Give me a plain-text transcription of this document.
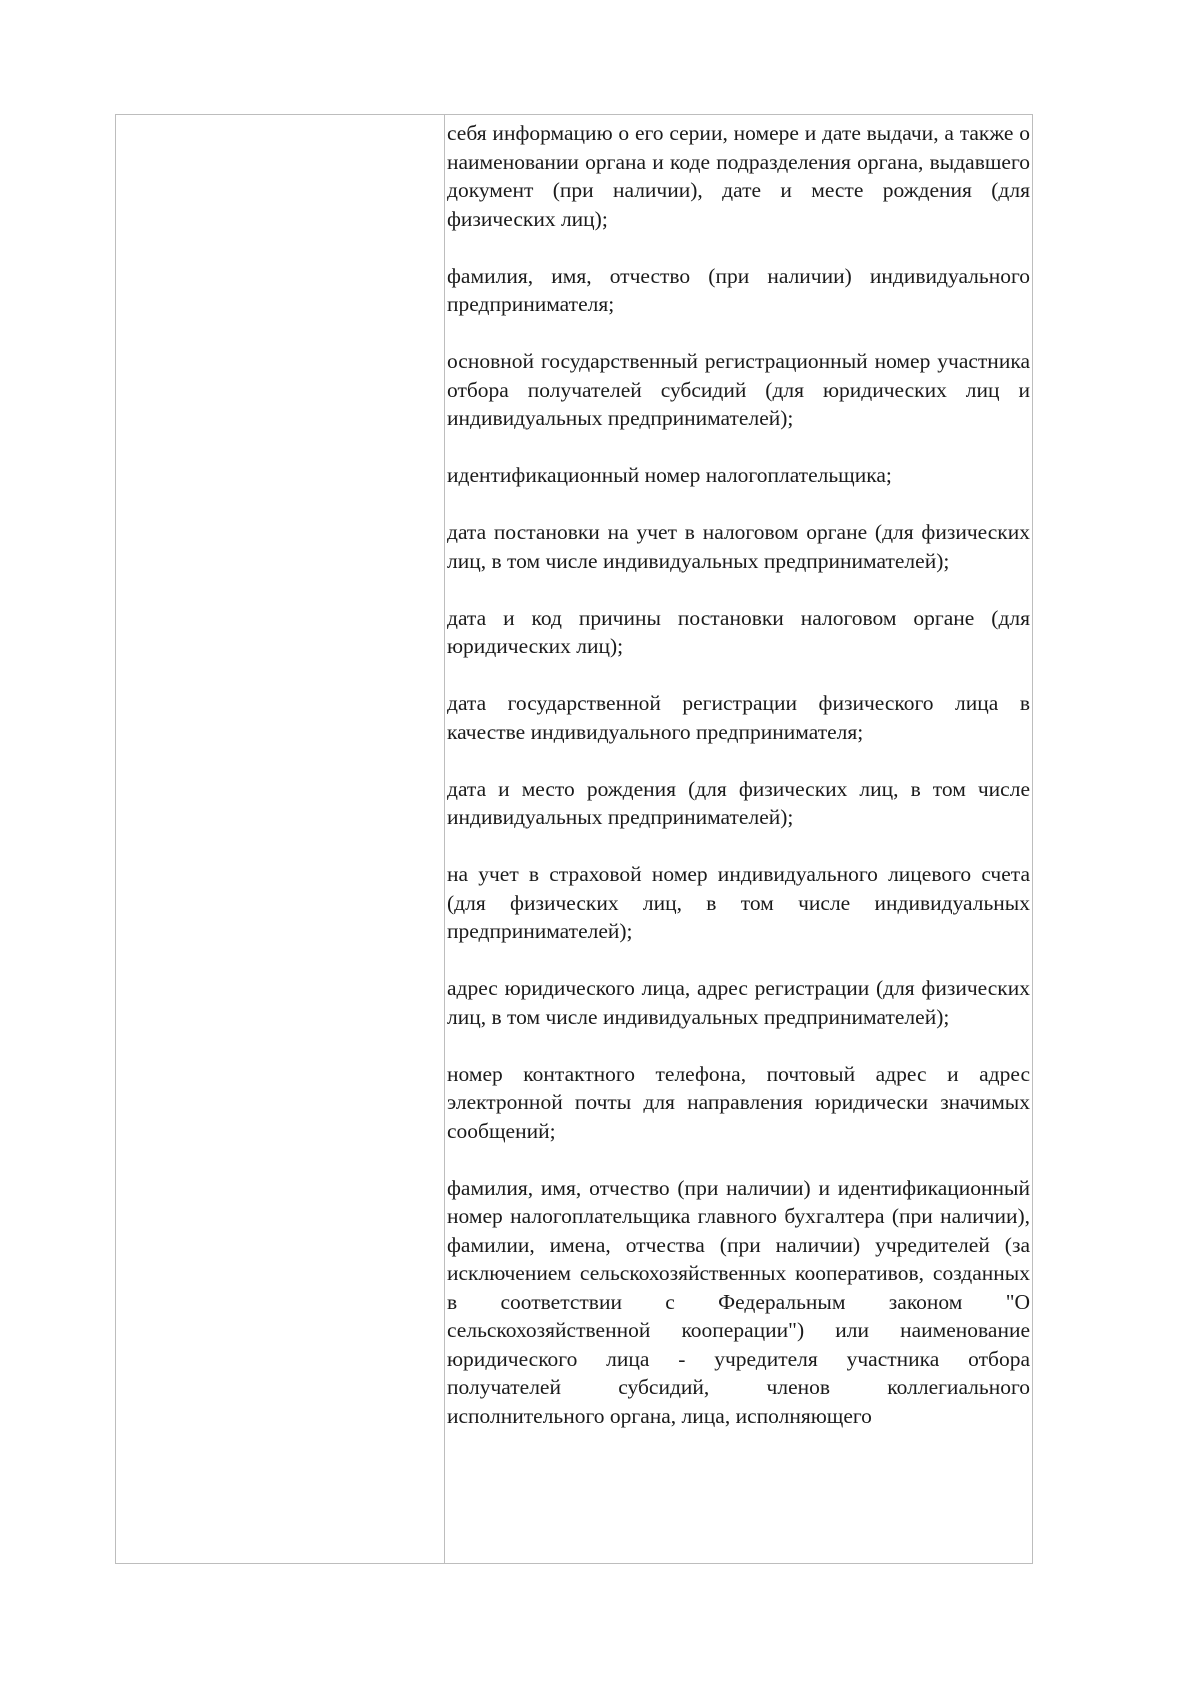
себя информацию о его серии, номере и дате выдачи, а также о наименовании органа и коде подразделения органа, выдавшего документ (при наличии), дате и месте рождения (для физических лиц);

фамилия, имя, отчество (при наличии) индивидуального предпринимателя;

основной государственный регистрационный номер участника отбора получателей субсидий (для юридических лиц и индивидуальных предпринимателей);

идентификационный номер налогоплательщика;

дата постановки на учет в налоговом органе (для физических лиц, в том числе индивидуальных предпринимателей);

дата и код причины постановки налоговом органе (для юридических лиц);

дата государственной регистрации физического лица в качестве индивидуального предпринимателя;

дата и место рождения (для физических лиц, в том числе индивидуальных предпринимателей);

на учет в страховой номер индивидуального лицевого счета (для физических лиц, в том числе индивидуальных предпринимателей);

адрес юридического лица, адрес регистрации (для физических лиц, в том числе индивидуальных предпринимателей);

номер контактного телефона, почтовый адрес и адрес электронной почты для направления юридически значимых сообщений;

фамилия, имя, отчество (при наличии) и идентификационный номер налогоплательщика главного бухгалтера (при наличии), фамилии, имена, отчества (при наличии) учредителей (за исключением сельскохозяйственных кооперативов, созданных в соответствии с Федеральным законом "О сельскохозяйственной кооперации") или наименование юридического лица - учредителя участника отбора получателей субсидий, членов коллегиального исполнительного органа, лица, исполняющего
